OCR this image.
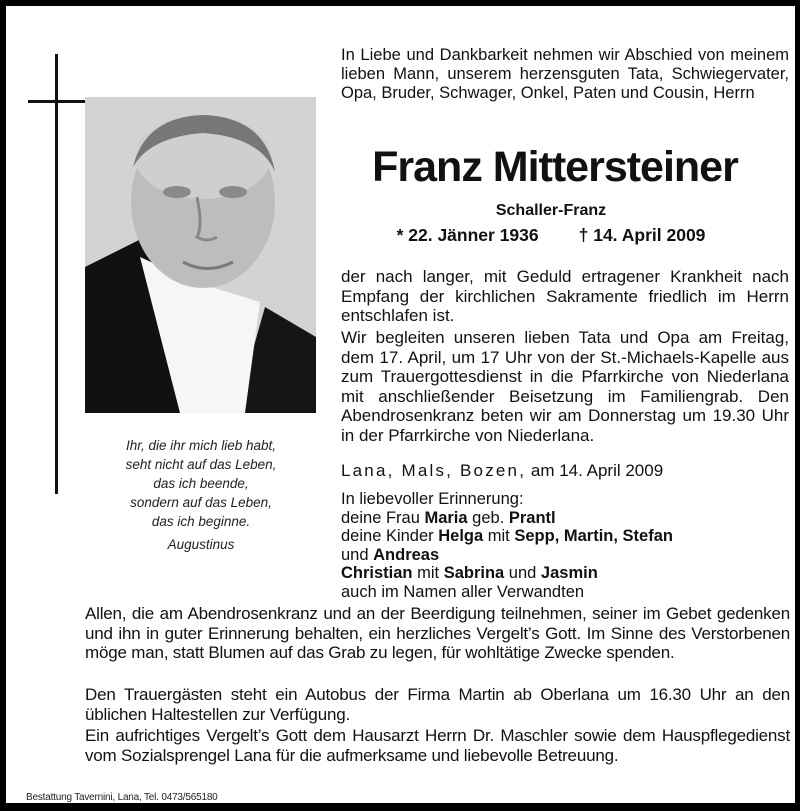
Ihr, die ihr mich lieb habt,
seht nicht auf das Leben,
das ich beende,
sondern auf das Leben,
das ich beginne.
Augustinus

In Liebe und Dankbarkeit nehmen wir Abschied von meinem lieben Mann, unserem herzensguten Tata, Schwiegervater, Opa, Bruder, Schwager, Onkel, Paten und Cousin, Herrn

Franz Mittersteiner
Schaller-Franz
* 22. Jänner 1936 † 14. April 2009

der nach langer, mit Geduld ertragener Krankheit nach Empfang der kirchlichen Sakramente friedlich im Herrn entschlafen ist.

Wir begleiten unseren lieben Tata und Opa am Freitag, dem 17. April, um 17 Uhr von der St.-Michaels-Kapelle aus zum Trauergottesdienst in die Pfarrkirche von Niederlana mit anschließender Beisetzung im Familiengrab. Den Abendrosenkranz beten wir am Donnerstag um 19.30 Uhr in der Pfarrkirche von Niederlana.

Lana, Mals, Bozen, am 14. April 2009
In liebevoller Erinnerung:
deine Frau Maria geb. Prantl
deine Kinder Helga mit Sepp, Martin, Stefan
und Andreas
Christian mit Sabrina und Jasmin
auch im Namen aller Verwandten

Allen, die am Abendrosenkranz und an der Beerdigung teilnehmen, seiner im Gebet gedenken und ihn in guter Erinnerung behalten, ein herzliches Vergelt’s Gott. Im Sinne des Verstorbenen möge man, statt Blumen auf das Grab zu legen, für wohltätige Zwecke spenden.

Den Trauergästen steht ein Autobus der Firma Martin ab Oberlana um 16.30 Uhr an den üblichen Haltestellen zur Verfügung.

Ein aufrichtiges Vergelt’s Gott dem Hausarzt Herrn Dr. Maschler sowie dem Hauspflegedienst vom Sozialsprengel Lana für die aufmerksame und liebevolle Betreuung.

Bestattung Tavernini, Lana, Tel. 0473/565180
